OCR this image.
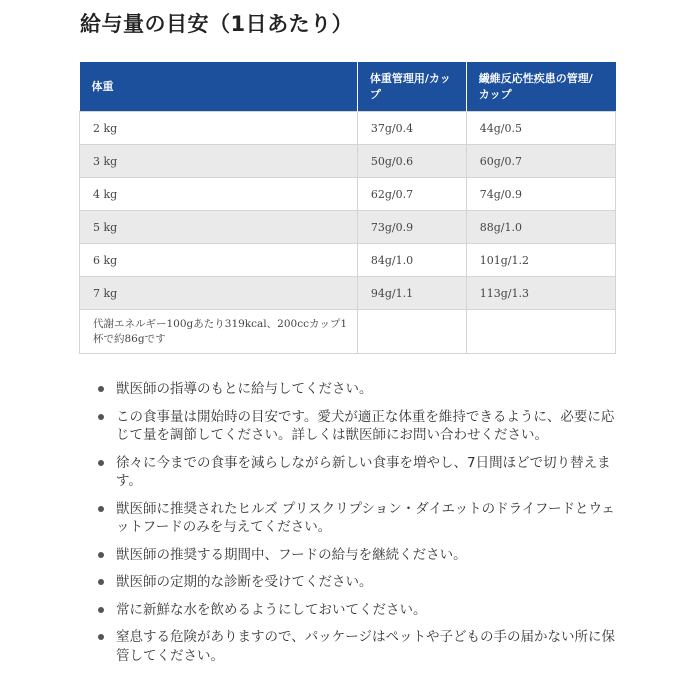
給与量の目安（1日あたり）
体重	体重管理用/カップ	繊維反応性疾患の管理/カップ
2 kg	37g/0.4	44g/0.5
3 kg	50g/0.6	60g/0.7
4 kg	62g/0.7	74g/0.9
5 kg	73g/0.9	88g/1.0
6 kg	84g/1.0	101g/1.2
7 kg	94g/1.1	113g/1.3
代謝エネルギー100gあたり319kcal、200ccカップ1杯で約86gです		
獣医師の指導のもとに給与してください。
この食事量は開始時の目安です。愛犬が適正な体重を維持できるように、必要に応じて量を調節してください。詳しくは獣医師にお問い合わせください。
徐々に今までの食事を減らしながら新しい食事を増やし、7日間ほどで切り替えます。
獣医師に推奨されたヒルズ プリスクリプション・ダイエットのドライフードとウェットフードのみを与えてください。
獣医師の推奨する期間中、フードの給与を継続ください。
獣医師の定期的な診断を受けてください。
常に新鮮な水を飲めるようにしておいてください。
窒息する危険がありますので、パッケージはペットや子どもの手の届かない所に保管してください。
